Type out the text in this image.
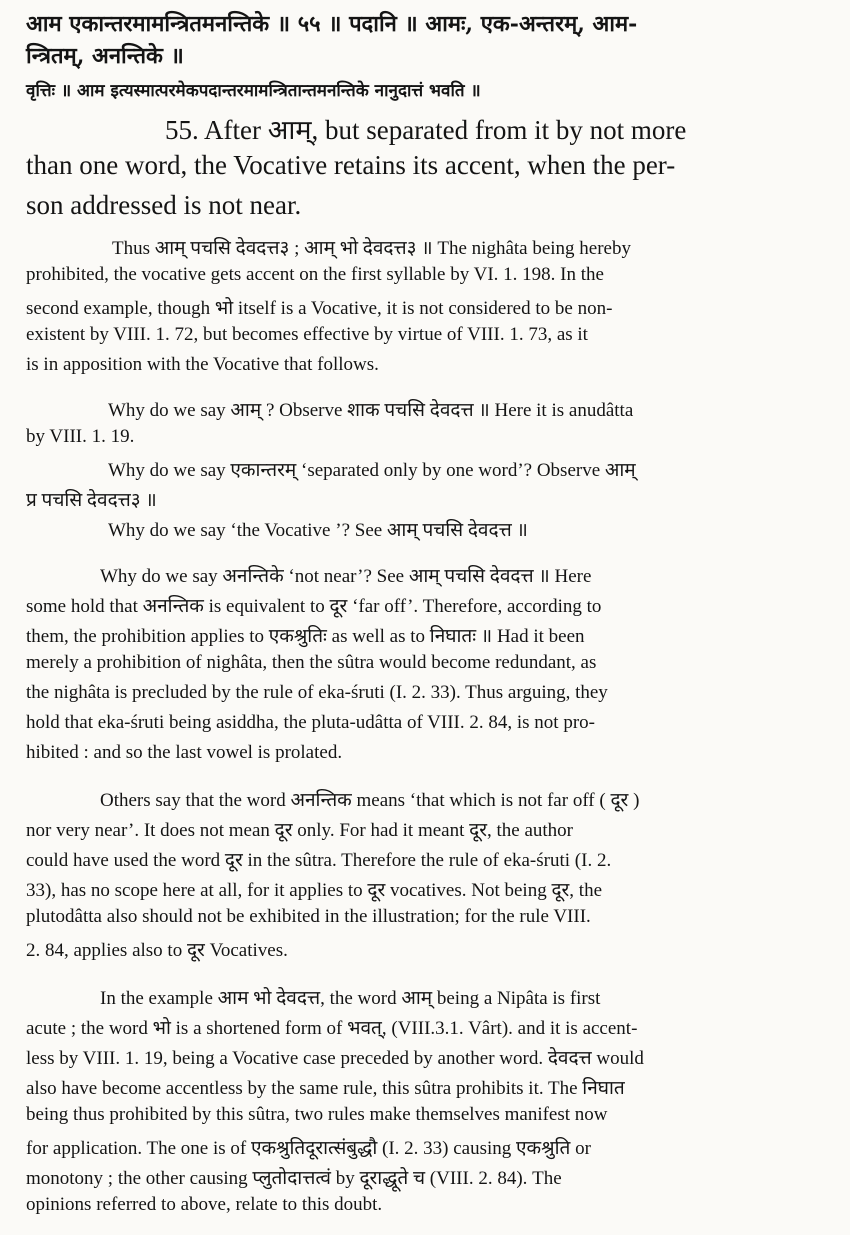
आम एकान्तरमामन्त्रितमनन्तिके ॥ ५५ ॥ पदानि ॥ आमः, एक-अन्तरम्, आम-
न्त्रितम्, अनन्तिके ॥
वृत्तिः ॥ आम इत्यस्मात्परमेकपदान्तरमामन्त्रितान्तमनन्तिके नानुदात्तं भवति ॥
55. After आम्, but separated from it by not more
than one word, the Vocative retains its accent, when the per-
son addressed is not near.
Thus आम् पचसि देवदत्त३ ; आम् भो देवदत्त३ ॥ The nighâta being hereby
prohibited, the vocative gets accent on the first syllable by VI. 1. 198. In the
second example, though भो itself is a Vocative, it is not considered to be non-
existent by VIII. 1. 72, but becomes effective by virtue of VIII. 1. 73, as it
is in apposition with the Vocative that follows.
Why do we say आम् ? Observe शाक पचसि देवदत्त ॥ Here it is anudâtta
by VIII. 1. 19.
Why do we say एकान्तरम् ‘separated only by one word’? Observe आम्
प्र पचसि देवदत्त३ ॥
Why do we say ‘the Vocative ’? See आम् पचसि देवदत्त ॥
Why do we say अनन्तिके ‘not near’? See आम् पचसि देवदत्त ॥ Here
some hold that अनन्तिक is equivalent to दूर ‘far off’. Therefore, according to
them, the prohibition applies to एकश्रुतिः as well as to निघातः ॥ Had it been
merely a prohibition of nighâta, then the sûtra would become redundant, as
the nighâta is precluded by the rule of eka-śruti (I. 2. 33). Thus arguing, they
hold that eka-śruti being asiddha, the pluta-udâtta of VIII. 2. 84, is not pro-
hibited : and so the last vowel is prolated.
Others say that the word अनन्तिक means ‘that which is not far off ( दूर )
nor very near’. It does not mean दूर only. For had it meant दूर, the author
could have used the word दूर in the sûtra. Therefore the rule of eka-śruti (I. 2.
33), has no scope here at all, for it applies to दूर vocatives. Not being दूर, the
plutodâtta also should not be exhibited in the illustration; for the rule VIII.
2. 84, applies also to दूर Vocatives.
In the example आम भो देवदत्त, the word आम् being a Nipâta is first
acute ; the word भो is a shortened form of भवत्, (VIII.3.1. Vârt). and it is accent-
less by VIII. 1. 19, being a Vocative case preceded by another word. देवदत्त would
also have become accentless by the same rule, this sûtra prohibits it. The निघात
being thus prohibited by this sûtra, two rules make themselves manifest now
for application. The one is of एकश्रुतिदूरात्संबुद्धौ (I. 2. 33) causing एकश्रुति or
monotony ; the other causing प्लुतोदात्तत्वं by दूराद्धूते च (VIII. 2. 84). The
opinions referred to above, relate to this doubt.
